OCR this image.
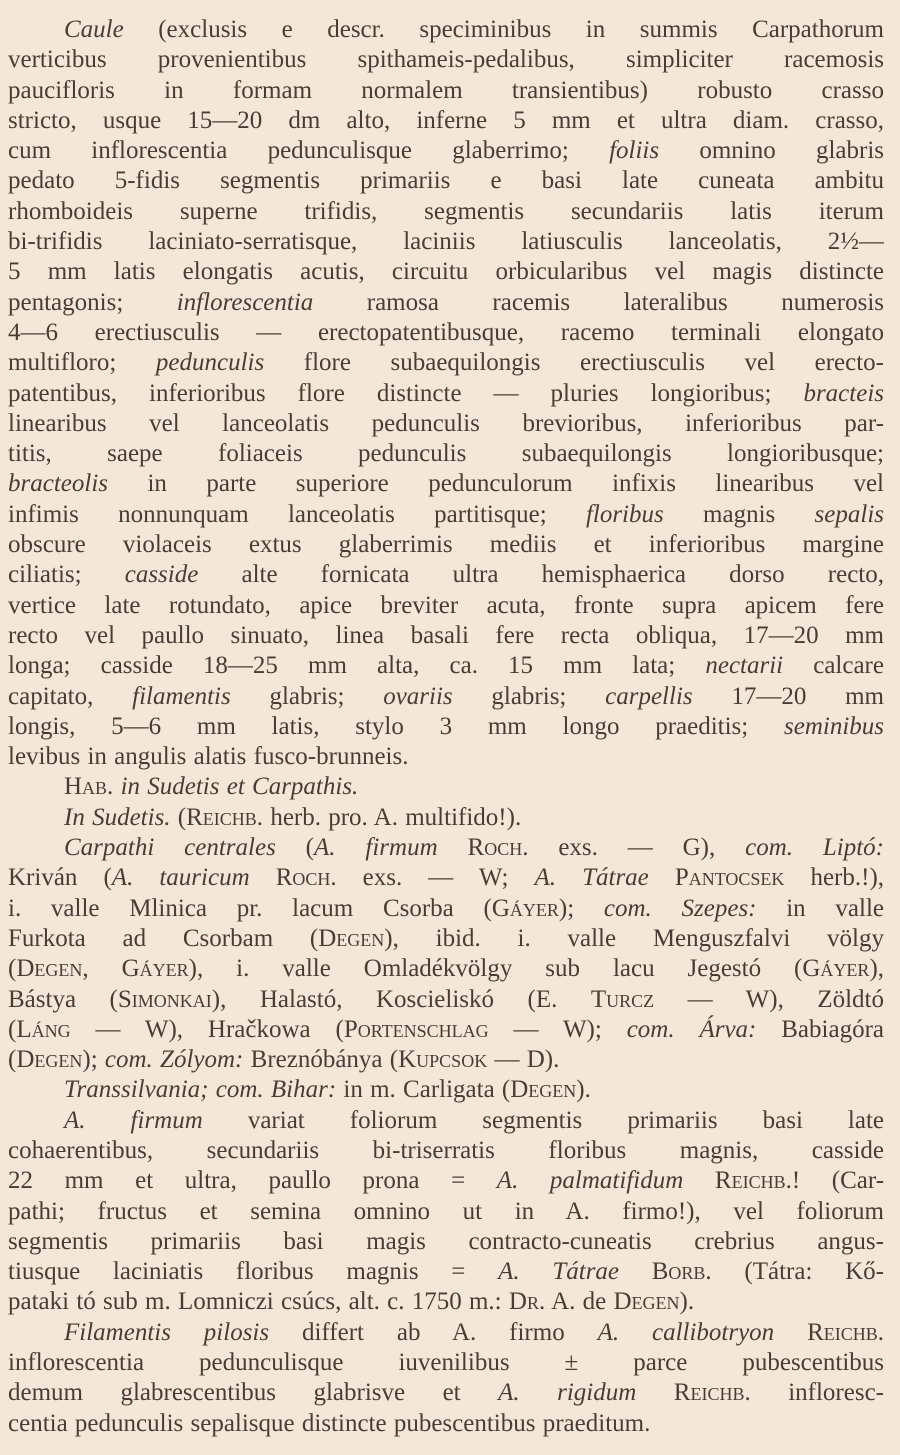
Caule (exclusis e descr. speciminibus in summis Carpathorum
verticibus provenientibus spithameis-pedalibus, simpliciter racemosis
paucifloris in formam normalem transientibus) robusto crasso
stricto, usque 15—20 dm alto, inferne 5 mm et ultra diam. crasso,
cum inflorescentia pedunculisque glaberrimo; foliis omnino glabris
pedato 5-fidis segmentis primariis e basi late cuneata ambitu
rhomboideis superne trifidis, segmentis secundariis latis iterum
bi-trifidis laciniato-serratisque, laciniis latiusculis lanceolatis, 2½—
5 mm latis elongatis acutis, circuitu orbicularibus vel magis distincte
pentagonis; inflorescentia ramosa racemis lateralibus numerosis
4—6 erectiusculis — erectopatentibusque, racemo terminali elongato
multifloro; pedunculis flore subaequilongis erectiusculis vel erecto-
patentibus, inferioribus flore distincte — pluries longioribus; bracteis
linearibus vel lanceolatis pedunculis brevioribus, inferioribus par-
titis, saepe foliaceis pedunculis subaequilongis longioribusque;
bracteolis in parte superiore pedunculorum infixis linearibus vel
infimis nonnunquam lanceolatis partitisque; floribus magnis sepalis
obscure violaceis extus glaberrimis mediis et inferioribus margine
ciliatis; casside alte fornicata ultra hemisphaerica dorso recto,
vertice late rotundato, apice breviter acuta, fronte supra apicem fere
recto vel paullo sinuato, linea basali fere recta obliqua, 17—20 mm
longa; casside 18—25 mm alta, ca. 15 mm lata; nectarii calcare
capitato, filamentis glabris; ovariis glabris; carpellis 17—20 mm
longis, 5—6 mm latis, stylo 3 mm longo praeditis; seminibus
levibus in angulis alatis fusco-brunneis.
Hab. in Sudetis et Carpathis.
In Sudetis. (Reichb. herb. pro. A. multifido!).
Carpathi centrales (A. firmum Roch. exs. — G), com. Liptó:
Kriván (A. tauricum Roch. exs. — W; A. Tátrae Pantocsek herb.!),
i. valle Mlinica pr. lacum Csorba (Gáyer); com. Szepes: in valle
Furkota ad Csorbam (Degen), ibid. i. valle Menguszfalvi völgy
(Degen, Gáyer), i. valle Omladékvölgy sub lacu Jegestó (Gáyer),
Bástya (Simonkai), Halastó, Koscieliskó (E. Turcz — W), Zöldtó
(Láng — W), Hračkowa (Portenschlag — W); com. Árva: Babiagóra
(Degen); com. Zólyom: Breznóbánya (Kupcsok — D).
Transsilvania; com. Bihar: in m. Carligata (Degen).
A. firmum variat foliorum segmentis primariis basi late
cohaerentibus, secundariis bi-triserratis floribus magnis, casside
22 mm et ultra, paullo prona = A. palmatifidum Reichb.! (Car-
pathi; fructus et semina omnino ut in A. firmo!), vel foliorum
segmentis primariis basi magis contracto-cuneatis crebrius angus-
tiusque laciniatis floribus magnis = A. Tátrae Borb. (Tátra: Kő-
pataki tó sub m. Lomniczi csúcs, alt. c. 1750 m.: Dr. A. de Degen).
Filamentis pilosis differt ab A. firmo A. callibotryon Reichb.
inflorescentia pedunculisque iuvenilibus ± parce pubescentibus
demum glabrescentibus glabrisve et A. rigidum Reichb. infloresc-
centia pedunculis sepalisque distincte pubescentibus praeditum.
